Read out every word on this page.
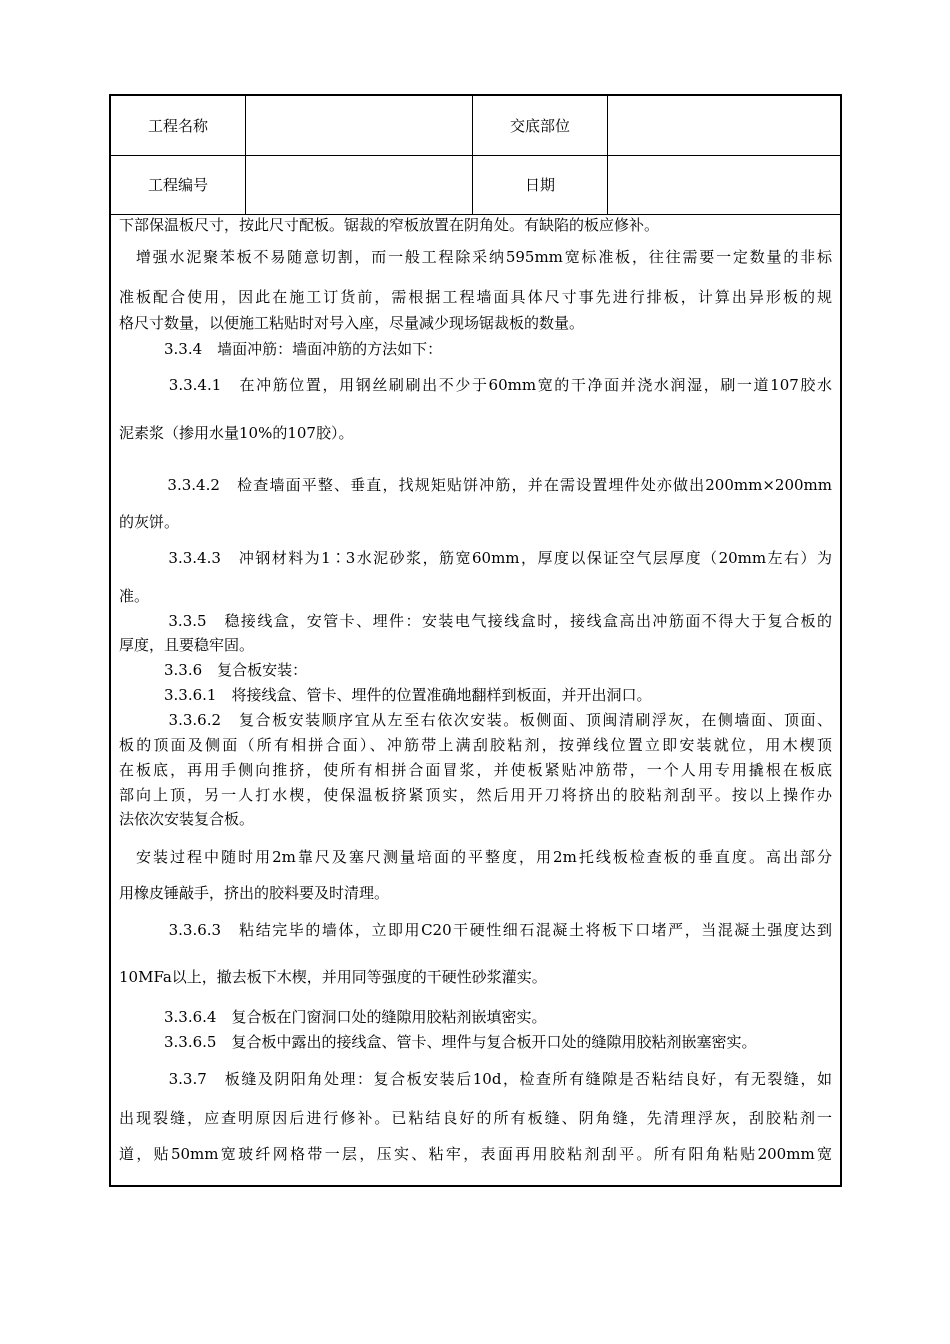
工程名称	交底部位
工程编号	日期
下部保温板尺寸，按此尺寸配板。锯裁的窄板放置在阴角处。有缺陷的板应修补。
　增强水泥聚苯板不易随意切割，而一般工程除采纳595mm宽标准板，往往需要一定数量的非标
准板配合使用，因此在施工订货前，需根据工程墙面具体尺寸事先进行排板，计算出异形板的规
格尺寸数量，以便施工粘贴时对号入座，尽量减少现场锯裁板的数量。
　　　3.3.4　墙面冲筋：墙面冲筋的方法如下：
　　　3.3.4.1　在冲筋位置，用钢丝刷刷出不少于60mm宽的干净面并浇水润湿，刷一道107胶水
泥素浆（掺用水量10%的107胶）。
　　　3.3.4.2　检查墙面平整、垂直，找规矩贴饼冲筋，并在需设置埋件处亦做出200mm×200mm
的灰饼。
　　　3.3.4.3　冲钢材料为1∶3水泥砂浆，筋宽60mm，厚度以保证空气层厚度（20mm左右）为
准。
　　　3.3.5　稳接线盒，安管卡、埋件：安装电气接线盒时，接线盒高出冲筋面不得大于复合板的
厚度，且要稳牢固。
　　　3.3.6　复合板安装：
　　　3.3.6.1　将接线盒、管卡、埋件的位置准确地翻样到板面，并开出洞口。
　　　3.3.6.2　复合板安装顺序宜从左至右依次安装。板侧面、顶闽清刷浮灰，在侧墙面、顶面、
板的顶面及侧面（所有相拼合面）、冲筋带上满刮胶粘剂，按弹线位置立即安装就位，用木楔顶
在板底，再用手侧向推挤，使所有相拼合面冒浆，并使板紧贴冲筋带，一个人用专用撬根在板底
部向上顶，另一人打水楔，使保温板挤紧顶实，然后用开刀将挤出的胶粘剂刮平。按以上操作办
法依次安装复合板。
　安装过程中随时用2m靠尺及塞尺测量培面的平整度，用2m托线板检查板的垂直度。高出部分
用橡皮锤敲手，挤出的胶料要及时清理。
　　　3.3.6.3　粘结完毕的墙体，立即用C20干硬性细石混凝土将板下口堵严，当混凝土强度达到
10MFa以上，撤去板下木楔，并用同等强度的干硬性砂浆灌实。
　　　3.3.6.4　复合板在门窗洞口处的缝隙用胶粘剂嵌填密实。
　　　3.3.6.5　复合板中露出的接线盒、管卡、埋件与复合板开口处的缝隙用胶粘剂嵌塞密实。
　　　3.3.7　板缝及阴阳角处理：复合板安装后10d，检查所有缝隙是否粘结良好，有无裂缝，如
出现裂缝，应查明原因后进行修补。已粘结良好的所有板缝、阴角缝，先清理浮灰，刮胶粘剂一
道，贴50mm宽玻纤网格带一层，压实、粘牢，表面再用胶粘剂刮平。所有阳角粘贴200mm宽
